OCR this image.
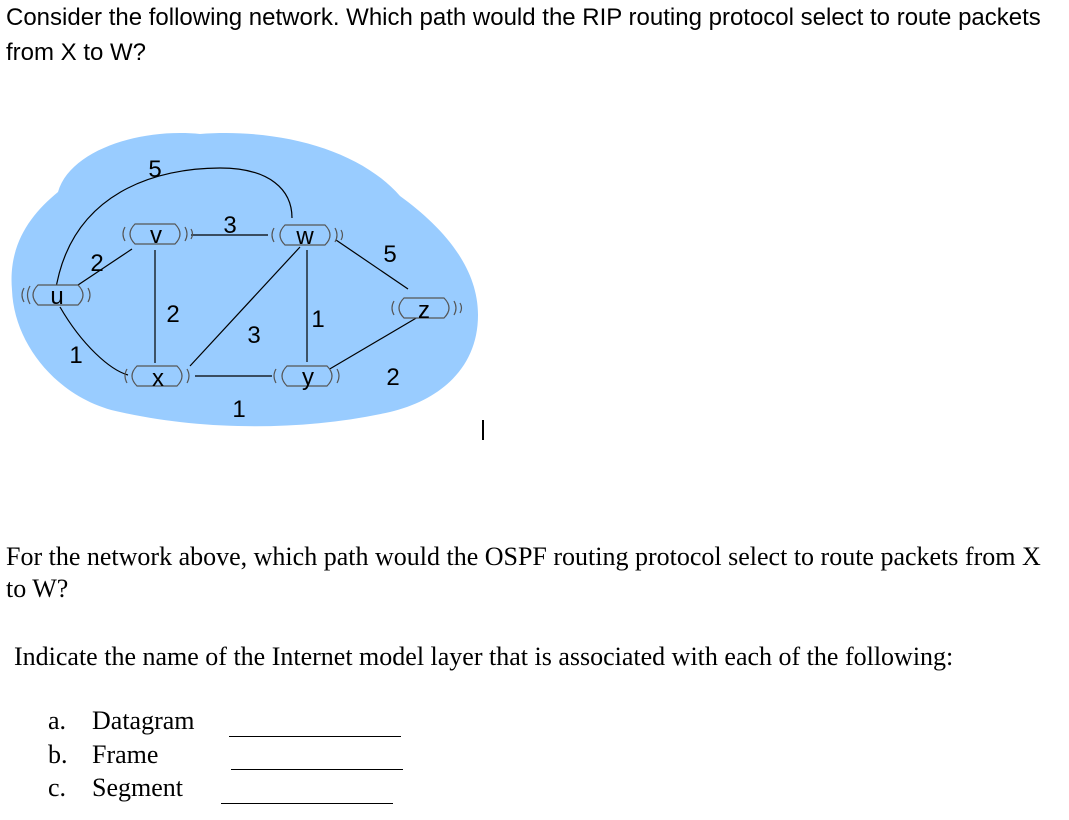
Consider the following network. Which path would the RIP routing protocol select to route packets from X to W?
u
v	w
x	y
z
5
3
2
2
3
1
5
1
1
2
For the network above, which path would the OSPF routing protocol select to route packets from X to W?
Indicate the name of the Internet model layer that is associated with each of the following:
a. Datagram
b. Frame
c. Segment
